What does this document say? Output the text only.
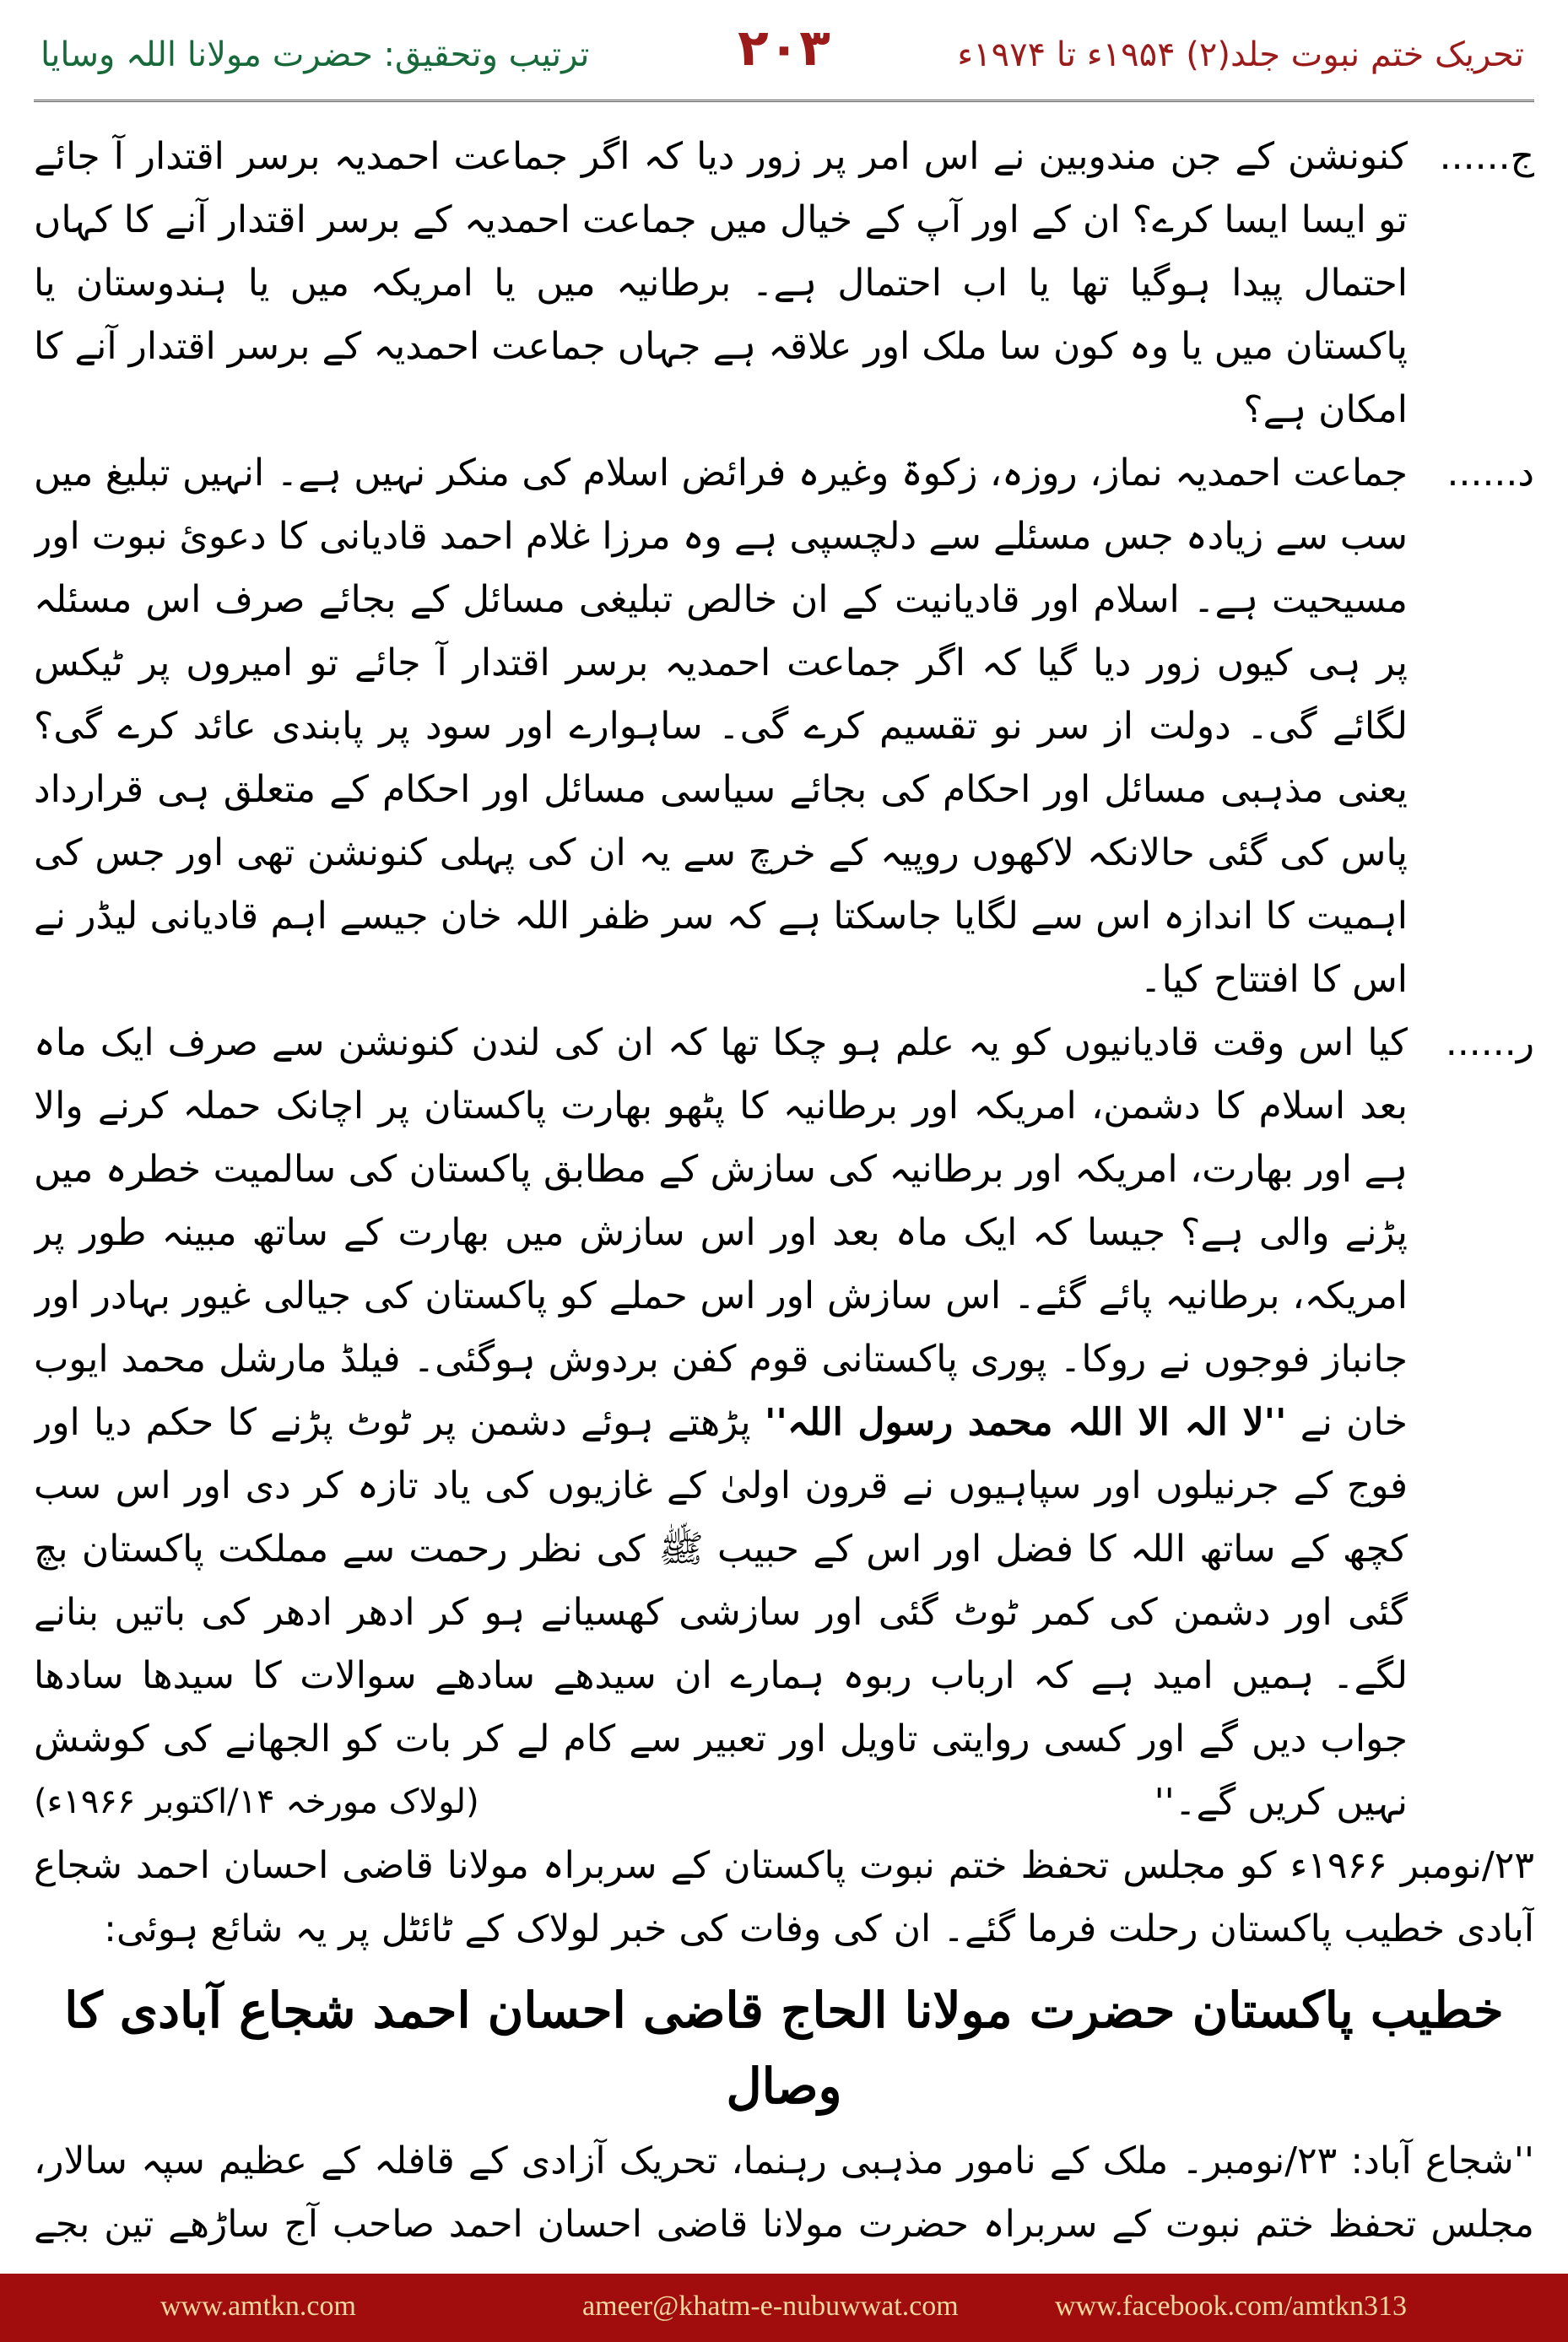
تحریک ختم نبوت جلد(۲) ۱۹۵۴ء تا ۱۹۷۴ء
۲۰۳
ترتیب وتحقیق: حضرت مولانا اللہ وسایا
ج......
کنونشن کے جن مندوبین نے اس امر پر زور دیا کہ اگر جماعت احمدیہ برسر اقتدار آ جائے تو ایسا ایسا کرے؟ ان کے اور آپ کے خیال میں جماعت احمدیہ کے برسر اقتدار آنے کا کہاں احتمال پیدا ہوگیا تھا یا اب احتمال ہے۔ برطانیہ میں یا امریکہ میں یا ہندوستان یا پاکستان میں یا وہ کون سا ملک اور علاقہ ہے جہاں جماعت احمدیہ کے برسر اقتدار آنے کا امکان ہے؟
د......
جماعت احمدیہ نماز، روزہ، زکوۃ وغیرہ فرائض اسلام کی منکر نہیں ہے۔ انہیں تبلیغ میں سب سے زیادہ جس مسئلے سے دلچسپی ہے وہ مرزا غلام احمد قادیانی کا دعویٔ نبوت اور مسیحیت ہے۔ اسلام اور قادیانیت کے ان خالص تبلیغی مسائل کے بجائے صرف اس مسئلہ پر ہی کیوں زور دیا گیا کہ اگر جماعت احمدیہ برسر اقتدار آ جائے تو امیروں پر ٹیکس لگائے گی۔ دولت از سر نو تقسیم کرے گی۔ ساہوارے اور سود پر پابندی عائد کرے گی؟ یعنی مذہبی مسائل اور احکام کی بجائے سیاسی مسائل اور احکام کے متعلق ہی قرارداد پاس کی گئی حالانکہ لاکھوں روپیہ کے خرچ سے یہ ان کی پہلی کنونشن تھی اور جس کی اہمیت کا اندازہ اس سے لگایا جاسکتا ہے کہ سر ظفر اللہ خان جیسے اہم قادیانی لیڈر نے اس کا افتتاح کیا۔
ر......
کیا اس وقت قادیانیوں کو یہ علم ہو چکا تھا کہ ان کی لندن کنونشن سے صرف ایک ماہ بعد اسلام کا دشمن، امریکہ اور برطانیہ کا پٹھو بھارت پاکستان پر اچانک حملہ کرنے والا ہے اور بھارت، امریکہ اور برطانیہ کی سازش کے مطابق پاکستان کی سالمیت خطرہ میں پڑنے والی ہے؟ جیسا کہ ایک ماہ بعد اور اس سازش میں بھارت کے ساتھ مبینہ طور پر امریکہ، برطانیہ پائے گئے۔ اس سازش اور اس حملے کو پاکستان کی جیالی غیور بہادر اور جانباز فوجوں نے روکا۔ پوری پاکستانی قوم کفن بردوش ہوگئی۔ فیلڈ مارشل محمد ایوب خان نے ''لا الہ الا اللہ محمد رسول اللہ'' پڑھتے ہوئے دشمن پر ٹوٹ پڑنے کا حکم دیا اور فوج کے جرنیلوں اور سپاہیوں نے قرون اولیٰ کے غازیوں کی یاد تازہ کر دی اور اس سب کچھ کے ساتھ اللہ کا فضل اور اس کے حبیب ﷺ کی نظر رحمت سے مملکت پاکستان بچ گئی اور دشمن کی کمر ٹوٹ گئی اور سازشی کھسیانے ہو کر ادھر ادھر کی باتیں بنانے لگے۔ ہمیں امید ہے کہ ارباب ربوہ ہمارے ان سیدھے سادھے سوالات کا سیدھا سادھا جواب دیں گے اور کسی روایتی تاویل اور تعبیر سے کام لے کر بات کو الجھانے کی کوشش نہیں کریں گے۔''
(لولاک مورخہ ۱۴/اکتوبر ۱۹۶۶ء)

۲۳/نومبر ۱۹۶۶ء کو مجلس تحفظ ختم نبوت پاکستان کے سربراہ مولانا قاضی احسان احمد شجاع آبادی خطیب پاکستان رحلت فرما گئے۔ ان کی وفات کی خبر لولاک کے ٹائٹل پر یہ شائع ہوئی:

خطیب پاکستان حضرت مولانا الحاج قاضی احسان احمد شجاع آبادی کا وصال

''شجاع آباد: ۲۳/نومبر۔ ملک کے نامور مذہبی رہنما، تحریک آزادی کے قافلہ کے عظیم سپہ سالار، مجلس تحفظ ختم نبوت کے سربراہ حضرت مولانا قاضی احسان احمد صاحب آج ساڑھے تین بجے

www.amtkn.com	ameer@khatm-e-nubuwwat.com	www.facebook.com/amtkn313
